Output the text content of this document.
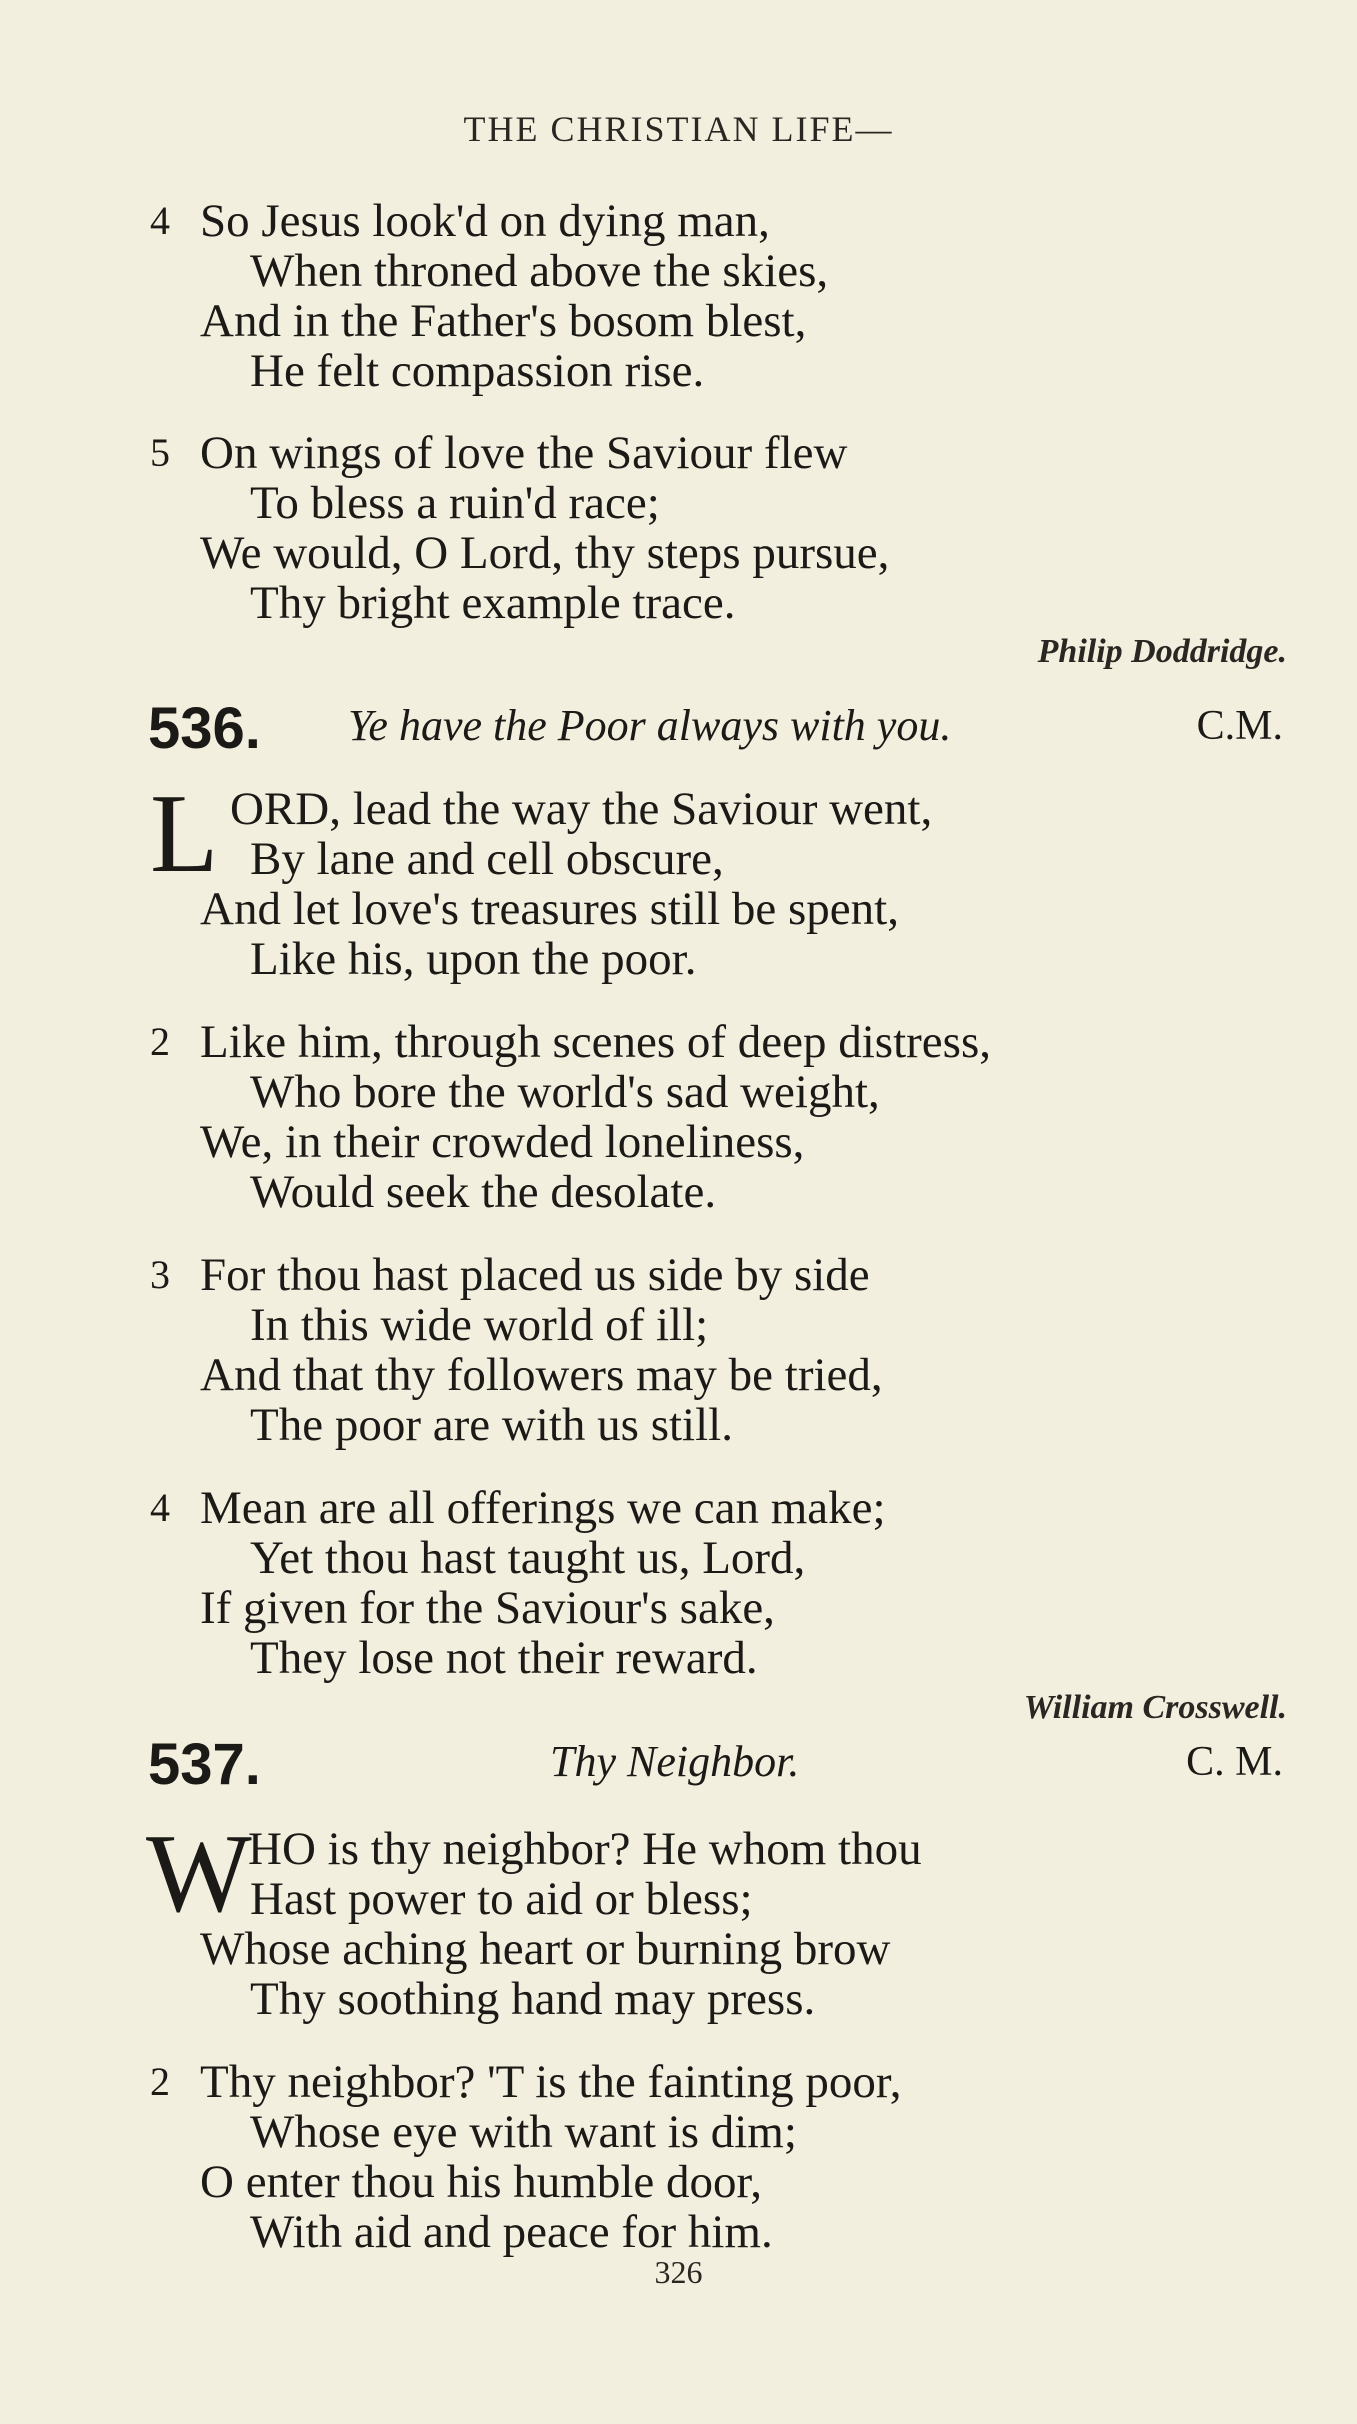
THE CHRISTIAN LIFE—
4 So Jesus look'd on dying man,
When throned above the skies,
And in the Father's bosom blest,
He felt compassion rise.
5 On wings of love the Saviour flew
To bless a ruin'd race;
We would, O Lord, thy steps pursue,
Thy bright example trace.
Philip Doddridge.
536. Ye have the Poor always with you.	C.M.
L ORD, lead the way the Saviour went,
By lane and cell obscure,
And let love's treasures still be spent,
Like his, upon the poor.
2 Like him, through scenes of deep distress,
Who bore the world's sad weight,
We, in their crowded loneliness,
Would seek the desolate.
3 For thou hast placed us side by side
In this wide world of ill;
And that thy followers may be tried,
The poor are with us still.
4 Mean are all offerings we can make;
Yet thou hast taught us, Lord,
If given for the Saviour's sake,
They lose not their reward.
William Crosswell.
537.	Thy Neighbor.	C. M.
W
HO is thy neighbor? He whom thou
Hast power to aid or bless;
Whose aching heart or burning brow
Thy soothing hand may press.
2 Thy neighbor? 'T is the fainting poor,
Whose eye with want is dim;
O enter thou his humble door,
With aid and peace for him.
326
